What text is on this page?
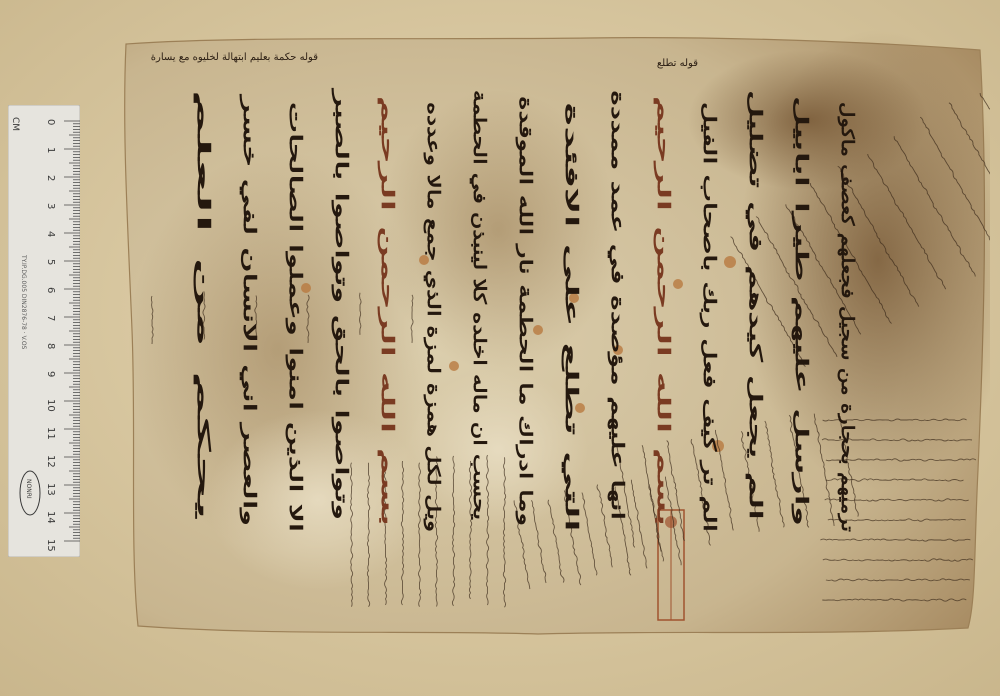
0
1
2
3
4
5
6
7
8
9
10
11
12
13
14
15
CM
TY.IP.DG.005 DIN2876-78 · V.OS
NONRI
يحكم من العلم والعصر اني الانسان لفي خسر الا الذين امنوا وعملوا الصالحات وتواصوا بالحق وتواصوا بالصبر بسم الله الرحمن الرحيم ويل لكل همزة لمزة الذي جمع مالا وعدده يحسب ان ماله اخلده كلا لينبذن في الحطمة وما ادراك ما الحطمة نار الله الموقدة التي تطلع على الافئدة انها عليهم مؤصدة في عمد ممددة بسم الله الرحمن الرحيم الم تر كيف فعل ربك باصحاب الفيل الم يجعل كيدهم في تضليل وارسل عليهم طيرا ابابيل ترميهم بحجارة من سجيل فجعلهم كعصف ماكول
قوله حكمة بعليم ابتهالة لخليوه مع يسارة
قوله تطلع
